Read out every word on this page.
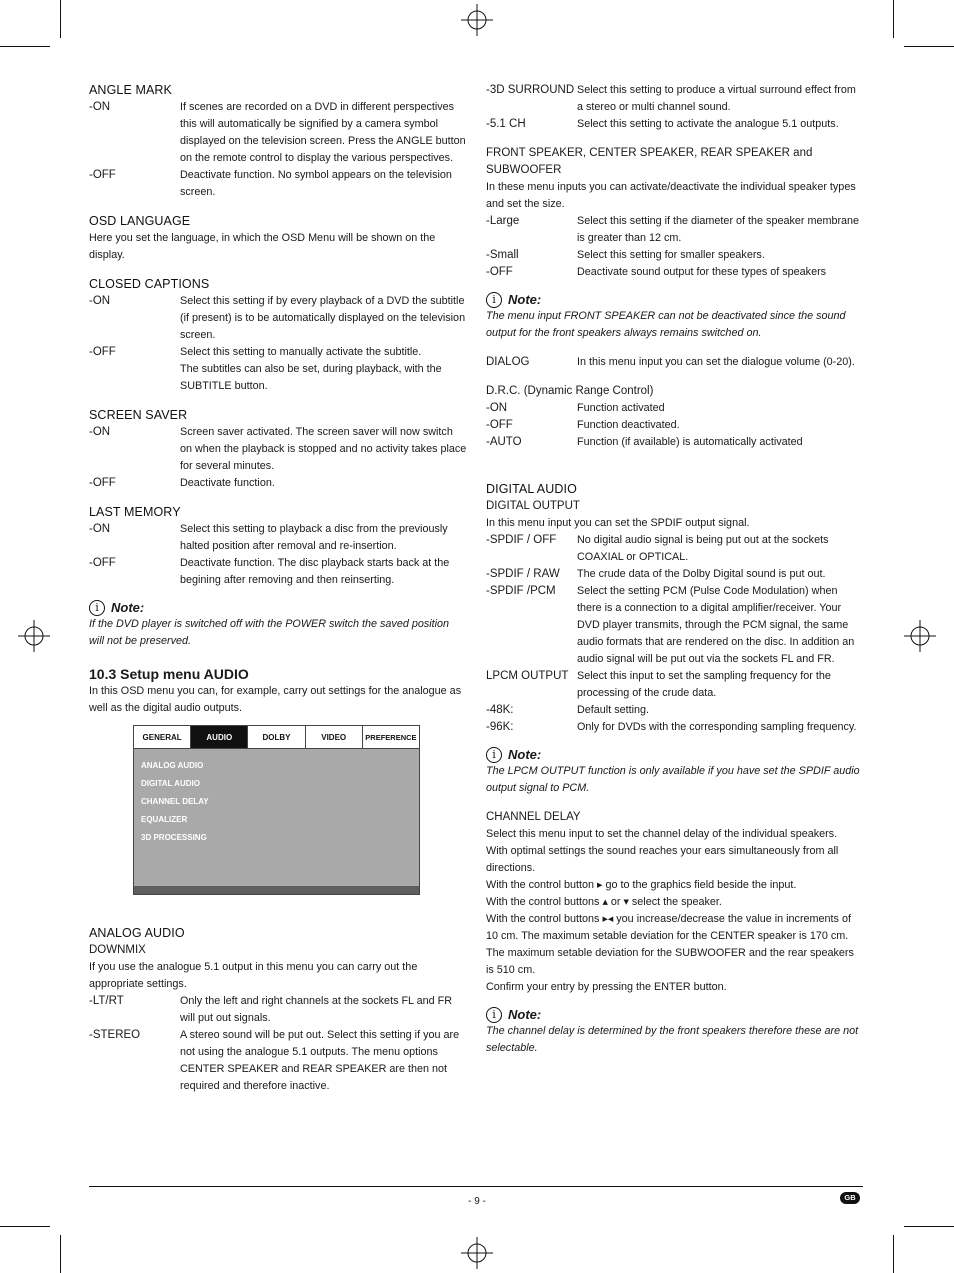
ANGLE MARK
-ON	If scenes are recorded on a DVD in different perspectives this will automatically be signified by a camera symbol displayed on the television screen. Press the ANGLE button on the remote control to display the various perspectives.
-OFF	Deactivate function. No symbol appears on the television screen.
OSD LANGUAGE
Here you set the language, in which the OSD Menu will be shown on the display.
CLOSED CAPTIONS
-ON	Select this setting if by every playback of a DVD the subtitle (if present) is to be automatically displayed on the television screen.
-OFF	Select this setting to manually activate the subtitle.
The subtitles can also be set, during playback, with the SUBTITLE button.
SCREEN SAVER
-ON	Screen saver activated. The screen saver will now switch on when the playback is stopped and no activity takes place for several minutes.
-OFF	Deactivate function.
LAST MEMORY
-ON	Select this setting to playback a disc from the previously halted position after removal and re-insertion.
-OFF	Deactivate function. The disc playback starts back at the begining after removing and then reinserting.
i Note:
If the DVD player is switched off with the POWER switch the saved position will not be preserved.
10.3 Setup menu AUDIO
In this OSD menu you can, for example, carry out settings for the analogue as well as the digital audio outputs.
GENERAL	AUDIO	DOLBY	VIDEO	PREFERENCE
ANALOG AUDIO
DIGITAL AUDIO
CHANNEL DELAY
EQUALIZER
3D PROCESSING
ANALOG AUDIO
DOWNMIX
If you use the analogue 5.1 output in this menu you can carry out the appropriate settings.
-LT/RT	Only the left and right channels at the sockets FL and FR will put out signals.
-STEREO	A stereo sound will be put out. Select this setting if you are not using the analogue 5.1 outputs. The menu options CENTER SPEAKER and REAR SPEAKER are then not required and therefore inactive.
-3D SURROUND Select this setting to produce a virtual surround effect from a stereo or multi channel sound.
-5.1 CH	Select this setting to activate the analogue 5.1 outputs.
FRONT SPEAKER, CENTER SPEAKER, REAR SPEAKER and SUBWOOFER
In these menu inputs you can activate/deactivate the individual speaker types and set the size.
-Large	Select this setting if the diameter of the speaker membrane is greater than 12 cm.
-Small	Select this setting for smaller speakers.
-OFF	Deactivate sound output for these types of speakers
i Note:
The menu input FRONT SPEAKER can not be deactivated since the sound output for the front speakers always remains switched on.
DIALOG	In this menu input you can set the dialogue volume (0-20).
D.R.C. (Dynamic Range Control)
-ON	Function activated
-OFF	Function deactivated.
-AUTO	Function (if available) is automatically activated
DIGITAL AUDIO
DIGITAL OUTPUT
In this menu input you can set the SPDIF output signal.
-SPDIF / OFF	No digital audio signal is being put out at the sockets COAXIAL or OPTICAL.
-SPDIF / RAW	The crude data of the Dolby Digital sound is put out.
-SPDIF /PCM	Select the setting PCM (Pulse Code Modulation) when there is a connection to a digital amplifier/receiver. Your DVD player transmits, through the PCM signal, the same audio formats that are rendered on the disc. In addition an audio signal will be put out via the sockets FL and FR.
LPCM OUTPUT Select this input to set the sampling frequency for the processing of the crude data.
-48K:	Default setting.
-96K:	Only for DVDs with the corresponding sampling frequency.
i Note:
The LPCM OUTPUT function is only available if you have set the SPDIF audio output signal to PCM.
CHANNEL DELAY
Select this menu input to set the channel delay of the individual speakers.
With optimal settings the sound reaches your ears simultaneously from all directions.
With the control button ▸ go to the graphics field beside the input.
With the control buttons ▴ or ▾ select the speaker.
With the control buttons ▸◂ you increase/decrease the value in increments of 10 cm. The maximum setable deviation for the CENTER speaker is 170 cm.
The maximum setable deviation for the SUBWOOFER and the rear speakers is 510 cm.
Confirm your entry by pressing the ENTER button.
i Note:
The channel delay is determined by the front speakers therefore these are not selectable.
- 9 -	GB
